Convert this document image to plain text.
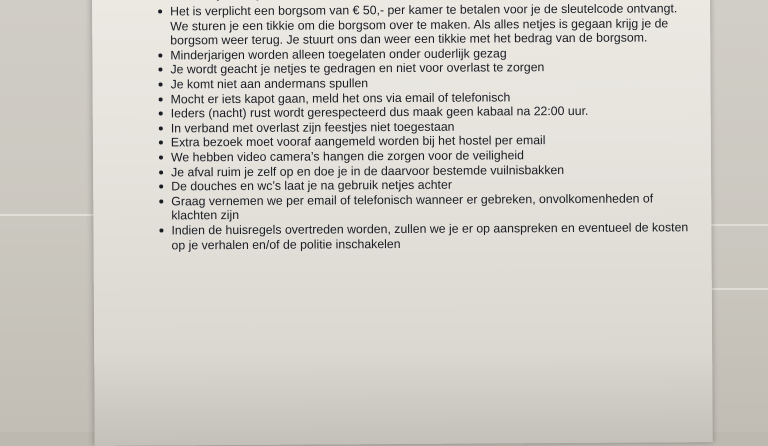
Het is verplicht een borgsom van € 50,- per kamer te betalen voor je de sleutelcode ontvangt. We sturen je een tikkie om die borgsom over te maken. Als alles netjes is gegaan krijg je de borgsom weer terug. Je stuurt ons dan weer een tikkie met het bedrag van de borgsom.
Minderjarigen worden alleen toegelaten onder ouderlijk gezag
Je wordt geacht je netjes te gedragen en niet voor overlast te zorgen
Je komt niet aan andermans spullen
Mocht er iets kapot gaan, meld het ons via email of telefonisch
Ieders (nacht) rust wordt gerespecteerd dus maak geen kabaal na 22:00 uur.
In verband met overlast zijn feestjes niet toegestaan
Extra bezoek moet vooraf aangemeld worden bij het hostel per email
We hebben video camera’s hangen die zorgen voor de veiligheid
Je afval ruim je zelf op en doe je in de daarvoor bestemde vuilnisbakken
De douches en wc’s laat je na gebruik netjes achter
Graag vernemen we per email of telefonisch wanneer er gebreken, onvolkomenheden of klachten zijn
Indien de huisregels overtreden worden, zullen we je er op aanspreken en eventueel de kosten op je verhalen en/of de politie inschakelen
